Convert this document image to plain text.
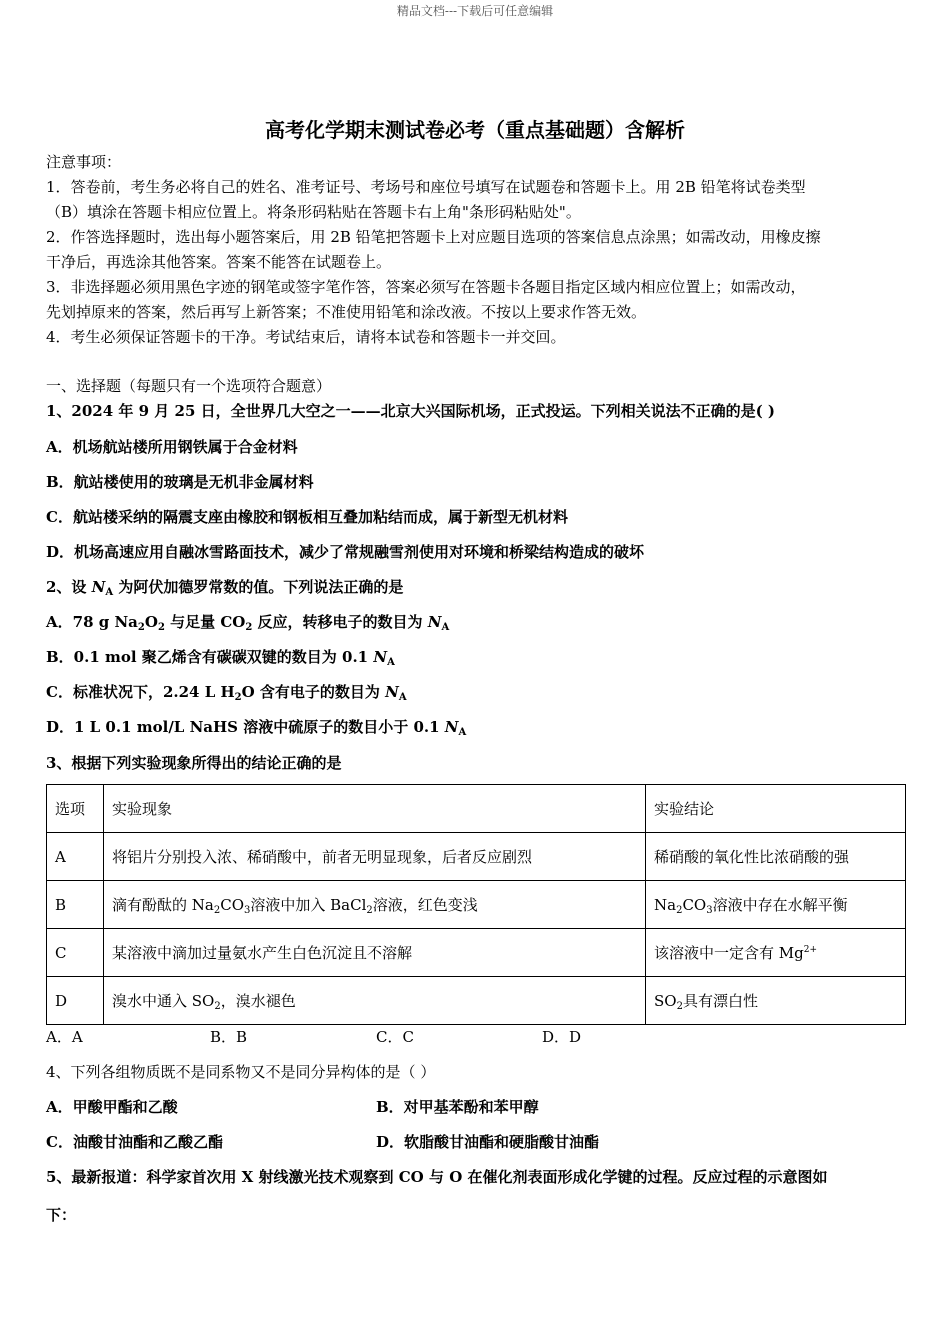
精品文档---下载后可任意编辑
高考化学期末测试卷必考（重点基础题）含解析
注意事项：
1．答卷前，考生务必将自己的姓名、准考证号、考场号和座位号填写在试题卷和答题卡上。用 2B 铅笔将试卷类型
（B）填涂在答题卡相应位置上。将条形码粘贴在答题卡右上角"条形码粘贴处"。
2．作答选择题时，选出每小题答案后，用 2B 铅笔把答题卡上对应题目选项的答案信息点涂黑；如需改动，用橡皮擦
干净后，再选涂其他答案。答案不能答在试题卷上。
3．非选择题必须用黑色字迹的钢笔或签字笔作答，答案必须写在答题卡各题目指定区域内相应位置上；如需改动，
先划掉原来的答案，然后再写上新答案；不准使用铅笔和涂改液。不按以上要求作答无效。
4．考生必须保证答题卡的干净。考试结束后，请将本试卷和答题卡一并交回。
一、选择题（每题只有一个选项符合题意）
1、2024 年 9 月 25 日，全世界几大空之一——北京大兴国际机场，正式投运。下列相关说法不正确的是( )
A．机场航站楼所用钢铁属于合金材料
B．航站楼使用的玻璃是无机非金属材料
C．航站楼采纳的隔震支座由橡胶和钢板相互叠加粘结而成，属于新型无机材料
D．机场高速应用自融冰雪路面技术，减少了常规融雪剂使用对环境和桥梁结构造成的破坏
2、设 $N_A$ 为阿伏加德罗常数的值。下列说法正确的是
A．78 g $Na_2O_2$ 与足量 $CO_2$ 反应，转移电子的数目为 $N_A$
B．0.1 mol 聚乙烯含有碳碳双键的数目为 0.1 $N_A$
C．标准状况下，2.24 L $H_2O$ 含有电子的数目为 $N_A$
D．1 L 0.1 mol/L NaHS 溶液中硫原子的数目小于 0.1 $N_A$
3、根据下列实验现象所得出的结论正确的是
选项	实验现象	实验结论
A	将铝片分别投入浓、稀硝酸中，前者无明显现象，后者反应剧烈	稀硝酸的氧化性比浓硝酸的强
B	滴有酚酞的 $Na_2CO_3$溶液中加入 BaCl$_2$溶液，红色变浅	$Na_2CO_3$溶液中存在水解平衡
C	某溶液中滴加过量氨水产生白色沉淀且不溶解	该溶液中一定含有 $Mg^{2+}$
D	溴水中通入 $SO_2$，溴水褪色	$SO_2$具有漂白性
A．A	B．B	C．C	D．D
4、下列各组物质既不是同系物又不是同分异构体的是（ ）
A．甲酸甲酯和乙酸	B．对甲基苯酚和苯甲醇
C．油酸甘油酯和乙酸乙酯	D．软脂酸甘油酯和硬脂酸甘油酯
5、最新报道：科学家首次用 X 射线激光技术观察到 CO 与 O 在催化剂表面形成化学键的过程。反应过程的示意图如
下：
